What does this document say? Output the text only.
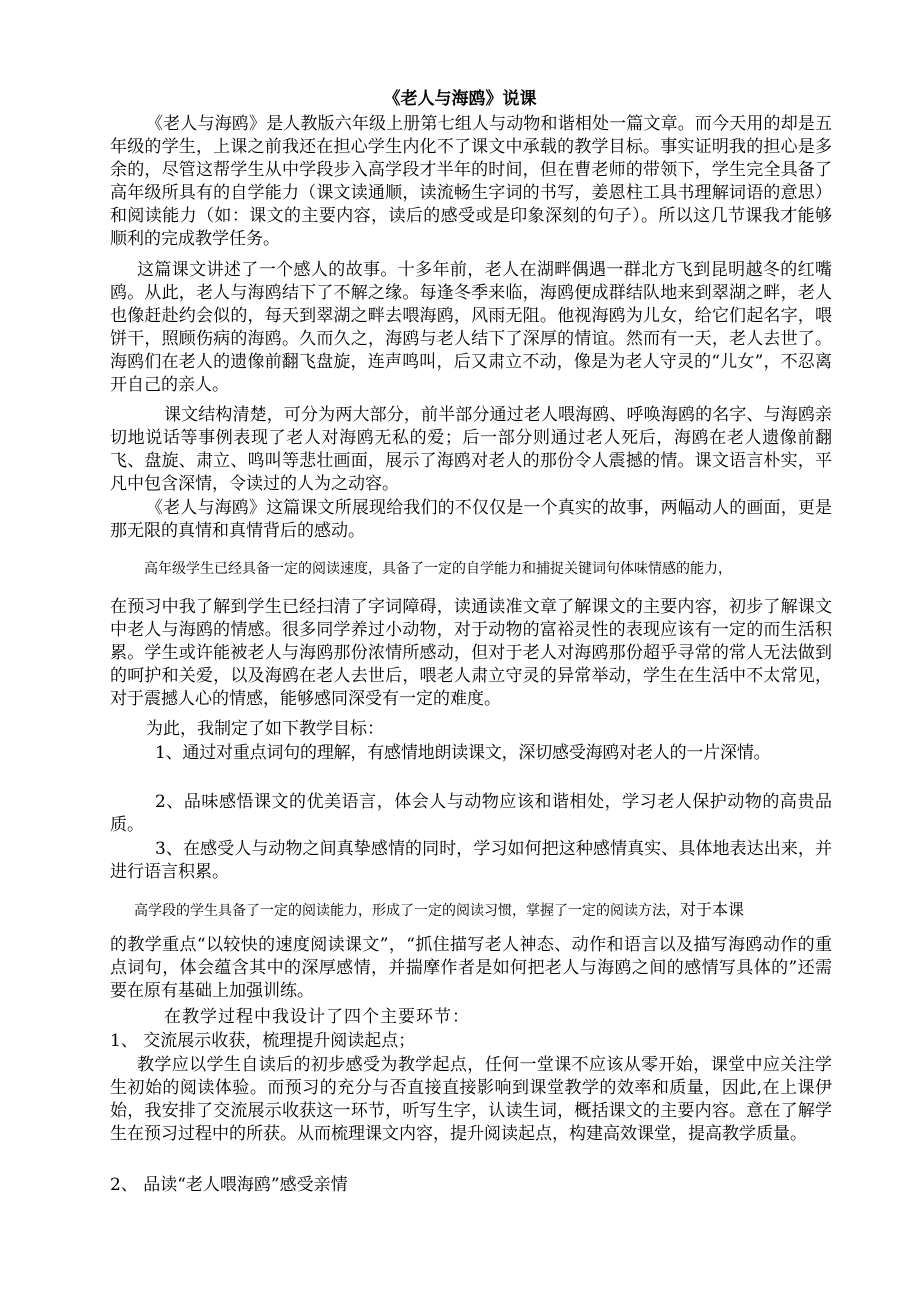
《老人与海鸥》说课
《老人与海鸥》是人教版六年级上册第七组人与动物和谐相处一篇文章。而今天用的却是五年级的学生，上课之前我还在担心学生内化不了课文中承载的教学目标。事实证明我的担心是多余的，尽管这帮学生从中学段步入高学段才半年的时间，但在曹老师的带领下，学生完全具备了高年级所具有的自学能力（课文读通顺，读流畅生字词的书写，姜恩柱工具书理解词语的意思）和阅读能力（如：课文的主要内容，读后的感受或是印象深刻的句子）。所以这几节课我才能够顺利的完成教学任务。
这篇课文讲述了一个感人的故事。十多年前，老人在湖畔偶遇一群北方飞到昆明越冬的红嘴鸥。从此，老人与海鸥结下了不解之缘。每逢冬季来临，海鸥便成群结队地来到翠湖之畔，老人也像赶赴约会似的，每天到翠湖之畔去喂海鸥，风雨无阻。他视海鸥为儿女，给它们起名字，喂饼干，照顾伤病的海鸥。久而久之，海鸥与老人结下了深厚的情谊。然而有一天，老人去世了。海鸥们在老人的遗像前翻飞盘旋，连声鸣叫，后又肃立不动，像是为老人守灵的“儿女”，不忍离开自己的亲人。
课文结构清楚，可分为两大部分，前半部分通过老人喂海鸥、呼唤海鸥的名字、与海鸥亲切地说话等事例表现了老人对海鸥无私的爱；后一部分则通过老人死后，海鸥在老人遗像前翻飞、盘旋、肃立、鸣叫等悲壮画面，展示了海鸥对老人的那份令人震撼的情。课文语言朴实，平凡中包含深情，令读过的人为之动容。
《老人与海鸥》这篇课文所展现给我们的不仅仅是一个真实的故事，两幅动人的画面，更是那无限的真情和真情背后的感动。
高年级学生已经具备一定的阅读速度，具备了一定的自学能力和捕捉关键词句体味情感的能力，
在预习中我了解到学生已经扫清了字词障碍，读通读准文章了解课文的主要内容，初步了解课文中老人与海鸥的情感。很多同学养过小动物，对于动物的富裕灵性的表现应该有一定的而生活积累。学生或许能被老人与海鸥那份浓情所感动，但对于老人对海鸥那份超乎寻常的常人无法做到的呵护和关爱，以及海鸥在老人去世后，喂老人肃立守灵的异常举动，学生在生活中不太常见，对于震撼人心的情感，能够感同深受有一定的难度。
为此，我制定了如下教学目标：
1、通过对重点词句的理解，有感情地朗读课文，深切感受海鸥对老人的一片深情。
2、品味感悟课文的优美语言，体会人与动物应该和谐相处，学习老人保护动物的高贵品质。
3、在感受人与动物之间真挚感情的同时，学习如何把这种感情真实、具体地表达出来，并进行语言积累。
高学段的学生具备了一定的阅读能力，形成了一定的阅读习惯，掌握了一定的阅读方法，对于本课
的教学重点“以较快的速度阅读课文”，“抓住描写老人神态、动作和语言以及描写海鸥动作的重点词句，体会蕴含其中的深厚感情，并揣摩作者是如何把老人与海鸥之间的感情写具体的”还需要在原有基础上加强训练。
在教学过程中我设计了四个主要环节：
1、 交流展示收获，梳理提升阅读起点；
教学应以学生自读后的初步感受为教学起点，任何一堂课不应该从零开始，课堂中应关注学生初始的阅读体验。而预习的充分与否直接直接影响到课堂教学的效率和质量，因此,在上课伊始，我安排了交流展示收获这一环节，听写生字，认读生词，概括课文的主要内容。意在了解学生在预习过程中的所获。从而梳理课文内容，提升阅读起点，构建高效课堂，提高教学质量。
2、 品读“老人喂海鸥”感受亲情
